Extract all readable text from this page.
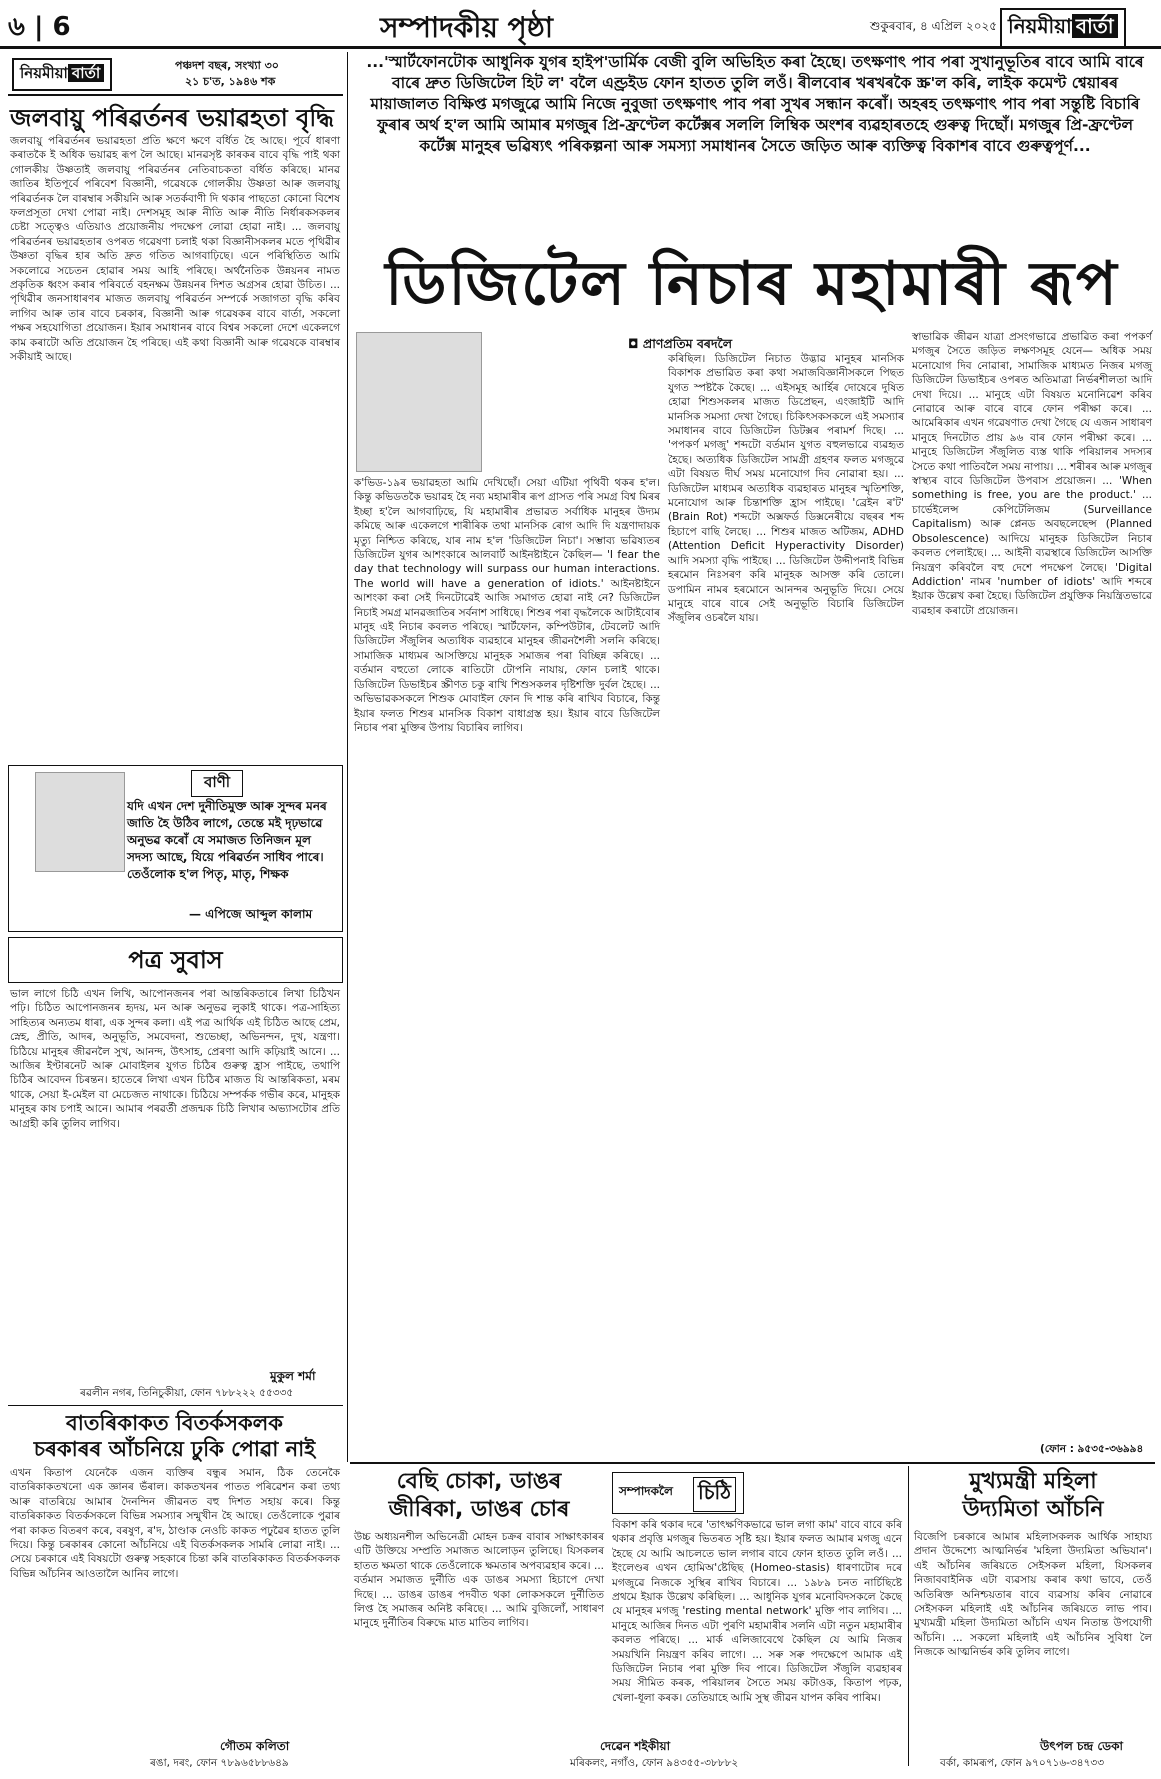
৬ | 6	সম্পাদকীয় পৃষ্ঠা	শুকুৰবাৰ, ৪ এপ্ৰিল ২০২৫ নিয়মীয়া বাৰ্তা
নিয়মীয়া বাৰ্তা	পঞ্চদশ বছৰ, সংখ্যা ৩০
২১ চ'ত, ১৯৪৬ শক
জলবায়ু পৰিৱৰ্তনৰ ভয়াৱহতা বৃদ্ধি
জলবায়ু পৰিৱৰ্তনৰ ভয়াৱহতা প্ৰতি ক্ষণে ক্ষণে বৰ্ধিত হৈ আছে। পূৰ্বে ধাৰণা কৰাতকৈ ই অধিক ভয়াৱহ ৰূপ লৈ আছে। মানৱসৃষ্ট কাৰকৰ বাবে বৃদ্ধি পাই থকা গোলকীয় উষ্ণতাই জলবায়ু পৰিৱৰ্তনৰ নেতিবাচকতা বৰ্ধিত কৰিছে। মানৱ জাতিৰ ইতিপূৰ্বে পৰিবেশ বিজ্ঞানী, গৱেষকে গোলকীয় উষ্ণতা আৰু জলবায়ু পৰিৱৰ্তনক লৈ বাৰম্বাৰ সকীয়নি আৰু সতৰ্কবাণী দি থকাৰ পাছতো কোনো বিশেষ ফলপ্ৰসূতা দেখা পোৱা নাই। দেশসমূহ আৰু নীতি আৰু নীতি নিৰ্ধাৰকসকলৰ চেষ্টা সত্ত্বেও এতিয়াও প্ৰয়োজনীয় পদক্ষেপ লোৱা হোৱা নাই। ... জলবায়ু পৰিৱৰ্তনৰ ভয়াৱহতাৰ ওপৰত গৱেষণা চলাই থকা বিজ্ঞানীসকলৰ মতে পৃথিৱীৰ উষ্ণতা বৃদ্ধিৰ হাৰ অতি দ্ৰুত গতিত আগবাঢ়িছে। এনে পৰিস্থিতিত আমি সকলোৱে সচেতন হোৱাৰ সময় আহি পৰিছে। অৰ্থনৈতিক উন্নয়নৰ নামত প্ৰকৃতিক ধ্বংস কৰাৰ পৰিবৰ্তে বহনক্ষম উন্নয়নৰ দিশত অগ্ৰসৰ হোৱা উচিত। ... পৃথিৱীৰ জনসাধাৰণৰ মাজত জলবায়ু পৰিৱৰ্তন সম্পৰ্কে সজাগতা বৃদ্ধি কৰিব লাগিব আৰু তাৰ বাবে চৰকাৰ, বিজ্ঞানী আৰু গৱেষকৰ বাবে বাৰ্তা, সকলো পক্ষৰ সহযোগিতা প্ৰয়োজন। ইয়াৰ সমাধানৰ বাবে বিশ্বৰ সকলো দেশে একেলগে কাম কৰাটো অতি প্ৰয়োজন হৈ পৰিছে। এই কথা বিজ্ঞানী আৰু গৱেষকে বাৰম্বাৰ সকীয়াই আছে।
বাণী
যদি এখন দেশ দুনীতিমুক্ত আৰু সুন্দৰ মনৰ জাতি হৈ উঠিব লাগে, তেন্তে মই দৃঢ়ভাৱে অনুভৱ কৰোঁ যে সমাজত তিনিজন মূল সদস্য আছে, যিয়ে পৰিৱৰ্তন সাধিব পাৰে। তেওঁলোক হ'ল পিতৃ, মাতৃ, শিক্ষক
— এপিজে আব্দুল কালাম
পত্ৰ সুবাস
ভাল লাগে চিঠি এখন লিখি, আপোনজনৰ পৰা আন্তৰিকতাৰে লিখা চিঠিখন পঢ়ি। চিঠিত আপোনজনৰ হৃদয়, মন আৰু অনুভৱ লুকাই থাকে। পত্ৰ-সাহিত্য সাহিত্যৰ অন্যতম ধাৰা, এক সুন্দৰ কলা। এই পত্ৰ আৰ্থিক এই চিঠিত আছে প্ৰেম, স্নেহ, প্ৰীতি, আদৰ, অনুভূতি, সমবেদনা, শুভেচ্ছা, অভিনন্দন, দুখ, যন্ত্ৰণা। চিঠিয়ে মানুহৰ জীৱনলৈ সুখ, আনন্দ, উৎসাহ, প্ৰেৰণা আদি কঢ়িয়াই আনে। ... আজিৰ ইণ্টাৰনেট আৰু মোবাইলৰ যুগত চিঠিৰ গুৰুত্ব হ্ৰাস পাইছে, তথাপি চিঠিৰ আবেদন চিৰন্তন। হাতেৰে লিখা এখন চিঠিৰ মাজত যি আন্তৰিকতা, মৰম থাকে, সেয়া ই-মেইল বা মেচেজত নাথাকে। চিঠিয়ে সম্পৰ্কক গভীৰ কৰে, মানুহক মানুহৰ কাষ চপাই আনে। আমাৰ পৰৱৰ্তী প্ৰজন্মক চিঠি লিখাৰ অভ্যাসটোৰ প্ৰতি আগ্ৰহী কৰি তুলিব লাগিব।
মুকুল শৰ্মা
ৰৱলীন নগৰ, তিনিচুকীয়া, ফোন ৭৮৮২২২ ৫৫৩৩৫
বাতৰিকাকত বিতৰ্কসকলক
চৰকাৰৰ আঁচনিয়ে ঢুকি পোৱা নাই
এখন কিতাপ যেনেকৈ এজন ব্যক্তিৰ বন্ধুৰ সমান, ঠিক তেনেকৈ বাতৰিকাকতখনো এক জ্ঞানৰ ভঁৰাল। কাকতখনৰ পাতত পৰিৱেশন কৰা তথ্য আৰু বাতৰিয়ে আমাৰ দৈনন্দিন জীৱনত বহু দিশত সহায় কৰে। কিন্তু বাতৰিকাকত বিতৰ্কসকলে বিভিন্ন সমস্যাৰ সন্মুখীন হৈ আছে। তেওঁলোকে পুৱাৰ পৰা কাকত বিতৰণ কৰে, বৰষুণ, ৰ'দ, ঠাণ্ডাক নেওচি কাকত পঢ়ুৱৈৰ হাতত তুলি দিয়ে। কিন্তু চৰকাৰৰ কোনো আঁচনিয়ে এই বিতৰ্কসকলক সামৰি লোৱা নাই। ... সেয়ে চৰকাৰে এই বিষয়টো গুৰুত্ব সহকাৰে চিন্তা কৰি বাতৰিকাকত বিতৰ্কসকলক বিভিন্ন আঁচনিৰ আওতালৈ আনিব লাগে।
গৌতম কলিতা
ৰঙা, দৰং, ফোন ৭৮৯৬৫৮৮৬৪৯
...'স্মাৰ্টফোনটোক আধুনিক যুগৰ হাইপ'ডাৰ্মিক বেজী বুলি অভিহিত কৰা হৈছে। তৎক্ষণাৎ পাব পৰা সুখানুভূতিৰ বাবে আমি বাৰে বাৰে দ্ৰুত ডিজিটেল হিট ল' বলৈ এণ্ড্ৰইড ফোন হাতত তুলি লওঁ। ৰীলবোৰ খৰখৰকৈ স্ক্ৰ'ল কৰি, লাইক কমেণ্ট শ্বেয়াৰৰ মায়াজালত বিক্ষিপ্ত মগজুৱে আমি নিজে নুবুজা তৎক্ষণাৎ পাব পৰা সুখৰ সন্ধান কৰোঁ। অহৰহ তৎক্ষণাৎ পাব পৰা সন্তুষ্টি বিচাৰি ফুৰাৰ অৰ্থ হ'ল আমি আমাৰ মগজুৰ প্ৰি-ফ্ৰণ্টেল কৰ্টেক্সৰ সললি লিম্বিক অংশৰ ব্যৱহাৰতহে গুৰুত্ব দিছোঁ। মগজুৰ প্ৰি-ফ্ৰণ্টেল কৰ্টেক্স মানুহৰ ভৱিষ্যৎ পৰিকল্পনা আৰু সমস্যা সমাধানৰ সৈতে জড়িত আৰু ব্যক্তিত্ব বিকাশৰ বাবে গুৰুত্বপূৰ্ণ...
ডিজিটেল নিচাৰ মহামাৰী ৰূপ
◘ প্ৰাণপ্ৰতিম বৰদলৈ

ক'ভিড-১৯ৰ ভয়াৱহতা আমি দেখিছোঁ। সেয়া এটিয়া পৃথিবী থকৰ হ'ল। কিন্তু কভিডতকৈ ভয়াৱহ হৈ নব্য মহামাৰীৰ ৰূপ গ্ৰাসত পৰি সমগ্ৰ বিশ্ব মিৰৰ ইচ্ছা হ'লৈ আগবাঢ়িছে, যি মহামাৰীৰ প্ৰভাৱত সৰ্বাধিক মানুহৰ উদ্যম কমিছে আৰু একেলগে শাৰীৰিক তথা মানসিক ৰোগ আদি দি যন্ত্ৰণাদায়ক মৃত্যু নিশ্চিত কৰিছে, যাৰ নাম হ'ল 'ডিজিটেল নিচা'। সম্ভাব্য ভৱিষ্যতৰ ডিজিটেল যুগৰ আশংকাৰে আলবাৰ্ট আইনষ্টাইনে কৈছিল— 'I fear the day that technology will surpass our human interactions. The world will have a generation of idiots.' আইনষ্টাইনে আশংকা কৰা সেই দিনটোৱেই আজি সমাগত হোৱা নাই নে? ডিজিটেল নিচাই সমগ্ৰ মানৱজাতিৰ সৰ্বনাশ সাধিছে। শিশুৰ পৰা বৃদ্ধলৈকে আটাইবোৰ মানুহ এই নিচাৰ কবলত পৰিছে। স্মাৰ্টফোন, কম্পিউটাৰ, টেবলেট আদি ডিজিটেল সঁজুলিৰ অত্যধিক ব্যৱহাৰে মানুহৰ জীৱনশৈলী সলনি কৰিছে। সামাজিক মাধ্যমৰ আসক্তিয়ে মানুহক সমাজৰ পৰা বিচ্ছিন্ন কৰিছে। ... বৰ্তমান বহুতো লোকে ৰাতিটো টোপনি নাযায়, ফোন চলাই থাকে। ডিজিটেল ডিভাইচৰ স্ক্ৰীণত চকু ৰাখি শিশুসকলৰ দৃষ্টিশক্তি দুৰ্বল হৈছে। ... অভিভাৱকসকলে শিশুক মোবাইল ফোন দি শান্ত কৰি ৰাখিব বিচাৰে, কিন্তু ইয়াৰ ফলত শিশুৰ মানসিক বিকাশ বাধাগ্ৰস্ত হয়। ইয়াৰ বাবে ডিজিটেল নিচাৰ পৰা মুক্তিৰ উপায় বিচাৰিব লাগিব।
কৰিছিল। ডিজিটেল নিচাত উদ্ভাৱ মানুহৰ মানসিক বিকাশক প্ৰভাৱিত কৰা কথা সমাজবিজ্ঞানীসকলে পিছত যুগত স্পষ্টকৈ কৈছে। ... এইসমূহ আৰ্হিৰ দোষেৰে দুষিত হোৱা শিশুসকলৰ মাজত ডিপ্ৰেছন, এংজাইটি আদি মানসিক সমস্যা দেখা গৈছে। চিকিৎসকসকলে এই সমস্যাৰ সমাধানৰ বাবে ডিজিটেল ডিটক্সৰ পৰামৰ্শ দিছে। ... 'পপকৰ্ণ মগজু' শব্দটো বৰ্তমান যুগত বহুলভাৱে ব্যৱহৃত হৈছে। অত্যধিক ডিজিটেল সামগ্ৰী গ্ৰহণৰ ফলত মগজুৱে এটা বিষয়ত দীৰ্ঘ সময় মনোযোগ দিব নোৱাৰা হয়। ... ডিজিটেল মাধ্যমৰ অত্যধিক ব্যৱহাৰত মানুহৰ স্মৃতিশক্তি, মনোযোগ আৰু চিন্তাশক্তি হ্ৰাস পাইছে। 'ব্ৰেইন ৰ'ট' (Brain Rot) শব্দটো অক্সফৰ্ড ডিক্সনেৰীয়ে বছৰৰ শব্দ হিচাপে বাছি লৈছে। ... শিশুৰ মাজত অটিজম, ADHD (Attention Deficit Hyperactivity Disorder) আদি সমস্যা বৃদ্ধি পাইছে। ... ডিজিটেল উদ্দীপনাই বিভিন্ন হৰমোন নিঃসৰণ কৰি মানুহক আসক্ত কৰি তোলে। ডপামিন নামৰ হৰমোনে আনন্দৰ অনুভূতি দিয়ে। সেয়ে মানুহে বাৰে বাৰে সেই অনুভূতি বিচাৰি ডিজিটেল সঁজুলিৰ ওচৰলৈ যায়।
স্বাভাৱিক জীৱন যাত্ৰা প্ৰসংগভাৱে প্ৰভাৱিত কৰা পপকৰ্ণ মগজুৰ সৈতে জড়িত লক্ষণসমূহ যেনে— অধিক সময় মনোযোগ দিব নোৱাৰা, সামাজিক মাধ্যমত নিজৰ মগজু ডিজিটেল ডিভাইচৰ ওপৰত অতিমাত্ৰা নিৰ্ভৰশীলতা আদি দেখা দিয়ে। ... মানুহে এটা বিষয়ত মনোনিৱেশ কৰিব নোৱাৰে আৰু বাৰে বাৰে ফোন পৰীক্ষা কৰে। ... আমেৰিকাৰ এখন গৱেষণাত দেখা গৈছে যে এজন সাধাৰণ মানুহে দিনটোত প্ৰায় ৯৬ বাৰ ফোন পৰীক্ষা কৰে। ... মানুহে ডিজিটেল সঁজুলিত ব্যস্ত থাকি পৰিয়ালৰ সদস্যৰ সৈতে কথা পাতিবলৈ সময় নাপায়। ... শৰীৰৰ আৰু মগজুৰ স্বাস্থ্যৰ বাবে ডিজিটেল উপবাস প্ৰয়োজন। ... 'When something is free, you are the product.' ... চাৰ্ভেইলেন্স কেপিটেলিজম (Surveillance Capitalism) আৰু প্লেনড অবছলেছেন্স (Planned Obsolescence) আদিয়ে মানুহক ডিজিটেল নিচাৰ কবলত পেলাইছে। ... আইনী ব্যৱস্থাৰে ডিজিটেল আসক্তি নিয়ন্ত্ৰণ কৰিবলৈ বহু দেশে পদক্ষেপ লৈছে। 'Digital Addiction' নামৰ 'number of idiots' আদি শব্দৰে ইয়াক উল্লেখ কৰা হৈছে। ডিজিটেল প্ৰযুক্তিক নিয়ন্ত্ৰিতভাৱে ব্যৱহাৰ কৰাটো প্ৰয়োজন।
(ফোন : ৯৫৩৫-৩৬৯৯৪
বেছি চোকা, ডাঙৰ
জীৰিকা, ডাঙৰ চোৰ
উচ্চ অধ্যয়নশীল অভিনেত্ৰী মোহন চক্ৰৰ বাবাৰ সাক্ষাৎকাৰৰ এটি উক্তিয়ে সম্প্ৰতি সমাজত আলোড়ন তুলিছে। যিসকলৰ হাতত ক্ষমতা থাকে তেওঁলোকে ক্ষমতাৰ অপব্যৱহাৰ কৰে। ... বৰ্তমান সমাজত দুৰ্নীতি এক ডাঙৰ সমস্যা হিচাপে দেখা দিছে। ... ডাঙৰ ডাঙৰ পদবীত থকা লোকসকলে দুৰ্নীতিত লিপ্ত হৈ সমাজৰ অনিষ্ট কৰিছে। ... আমি বুজিলোঁ, সাধাৰণ মানুহে দুৰ্নীতিৰ বিৰুদ্ধে মাত মাতিব লাগিব।
দেৱেন শইকীয়া
মৰিকলং, নগাঁও, ফোন ৯৪৩৫৫-৩৮৮৮২
সম্পাদকলৈ চিঠি
বিকাশ কৰি থকাৰ দৰে 'তাৎক্ষণিকভাৱে ভাল লগা কাম' বাবে বাবে কৰি থকাৰ প্ৰবৃত্তি মগজুৰ ভিতৰত সৃষ্টি হয়। ইয়াৰ ফলত আমাৰ মগজু এনে হৈছে যে আমি আচলতে ভাল লগাৰ বাবে ফোন হাতত তুলি লওঁ। ... ইংলেণ্ডৰ এখন হোমিঅ'ষ্টেছিছ (Homeo-stasis) ধাৰণাটোৰ দৰে মগজুৱে নিজকে সুস্থিৰ ৰাখিব বিচাৰে। ... ১৯৮৯ চনত নাৰ্চিছিষ্টে প্ৰথমে ইয়াক উল্লেখ কৰিছিল। ... আধুনিক যুগৰ মনোবিদসকলে কৈছে যে মানুহৰ মগজু 'resting mental network' মুক্তি পাব লাগিব। ... মানুহে আজিৰ দিনত এটা পুৰণি মহামাৰীৰ সলনি এটা নতুন মহামাৰীৰ কবলত পৰিছে। ... মাৰ্ক এলিজাবেথে কৈছিল যে আমি নিজৰ সময়খিনি নিয়ন্ত্ৰণ কৰিব লাগে। ... সৰু সৰু পদক্ষেপে আমাক এই ডিজিটেল নিচাৰ পৰা মুক্তি দিব পাৰে। ডিজিটেল সঁজুলি ব্যৱহাৰৰ সময় সীমিত কৰক, পৰিয়ালৰ সৈতে সময় কটাওক, কিতাপ পঢ়ক, খেলা-ধূলা কৰক। তেতিয়াহে আমি সুস্থ জীৱন যাপন কৰিব পাৰিম।
মুখ্যমন্ত্ৰী মহিলা
উদ্যমিতা আঁচনি
বিজেপি চৰকাৰে আমাৰ মহিলাসকলক আৰ্থিক সাহায্য প্ৰদান উদ্দেশ্যে আত্মনিৰ্ভৰ 'মহিলা উদ্যমিতা অভিযান'। এই আঁচনিৰ জৰিয়তে সেইসকল মহিলা, যিসকলৰ নিজাববাইনিক এটা ব্যৱসায় কৰাৰ কথা ভাবে, তেওঁ অতিৰিক্ত অনিশ্চয়তাৰ বাবে ব্যৱসায় কৰিব নোৱাৰে সেইসকল মহিলাই এই আঁচনিৰ জৰিয়তে লাভ পাব। মুখ্যমন্ত্ৰী মহিলা উদ্যমিতা আঁচনি এখন নিতান্ত উপযোগী আঁচনি। ... সকলো মহিলাই এই আঁচনিৰ সুবিধা লৈ নিজকে আত্মনিৰ্ভৰ কৰি তুলিব লাগে।
উৎপল চন্দ্ৰ ডেকা
বৰ্কা, কামৰূপ, ফোন ৯৭০৭১৬-৩৪৭৩৩
